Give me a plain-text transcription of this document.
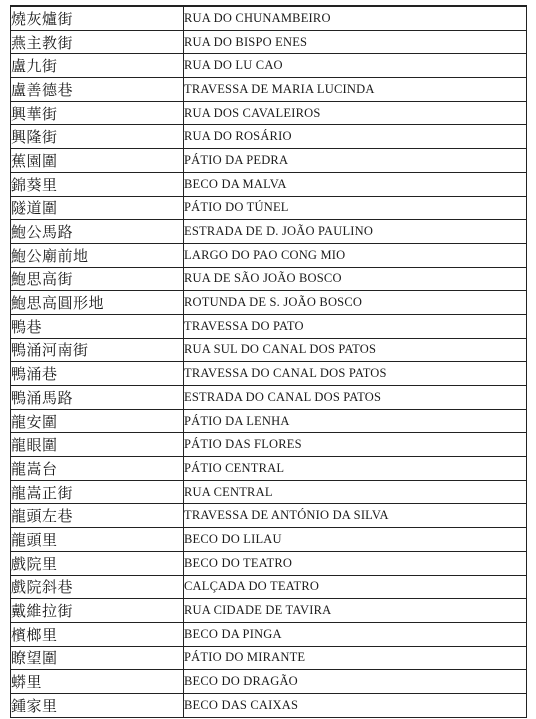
燒灰爐街	RUA DO CHUNAMBEIRO
燕主教街	RUA DO BISPO ENES
盧九街	RUA DO LU CAO
盧善德巷	TRAVESSA DE MARIA LUCINDA
興華街	RUA DOS CAVALEIROS
興隆街	RUA DO ROSÁRIO
蕉園圍	PÁTIO DA PEDRA
錦葵里	BECO DA MALVA
隧道圍	PÁTIO DO TÚNEL
鮑公馬路	ESTRADA DE D. JOÃO PAULINO
鮑公廟前地	LARGO DO PAO CONG MIO
鮑思高街	RUA DE SÃO JOÃO BOSCO
鮑思高圓形地	ROTUNDA DE S. JOÃO BOSCO
鴨巷	TRAVESSA DO PATO
鴨涌河南街	RUA SUL DO CANAL DOS PATOS
鴨涌巷	TRAVESSA DO CANAL DOS PATOS
鴨涌馬路	ESTRADA DO CANAL DOS PATOS
龍安圍	PÁTIO DA LENHA
龍眼圍	PÁTIO DAS FLORES
龍嵩台	PÁTIO CENTRAL
龍嵩正街	RUA CENTRAL
龍頭左巷	TRAVESSA DE ANTÓNIO DA SILVA
龍頭里	BECO DO LILAU
戲院里	BECO DO TEATRO
戲院斜巷	CALÇADA DO TEATRO
戴維拉街	RUA CIDADE DE TAVIRA
檳榔里	BECO DA PINGA
瞭望圍	PÁTIO DO MIRANTE
蟒里	BECO DO DRAGÃO
鍾家里	BECO DAS CAIXAS
